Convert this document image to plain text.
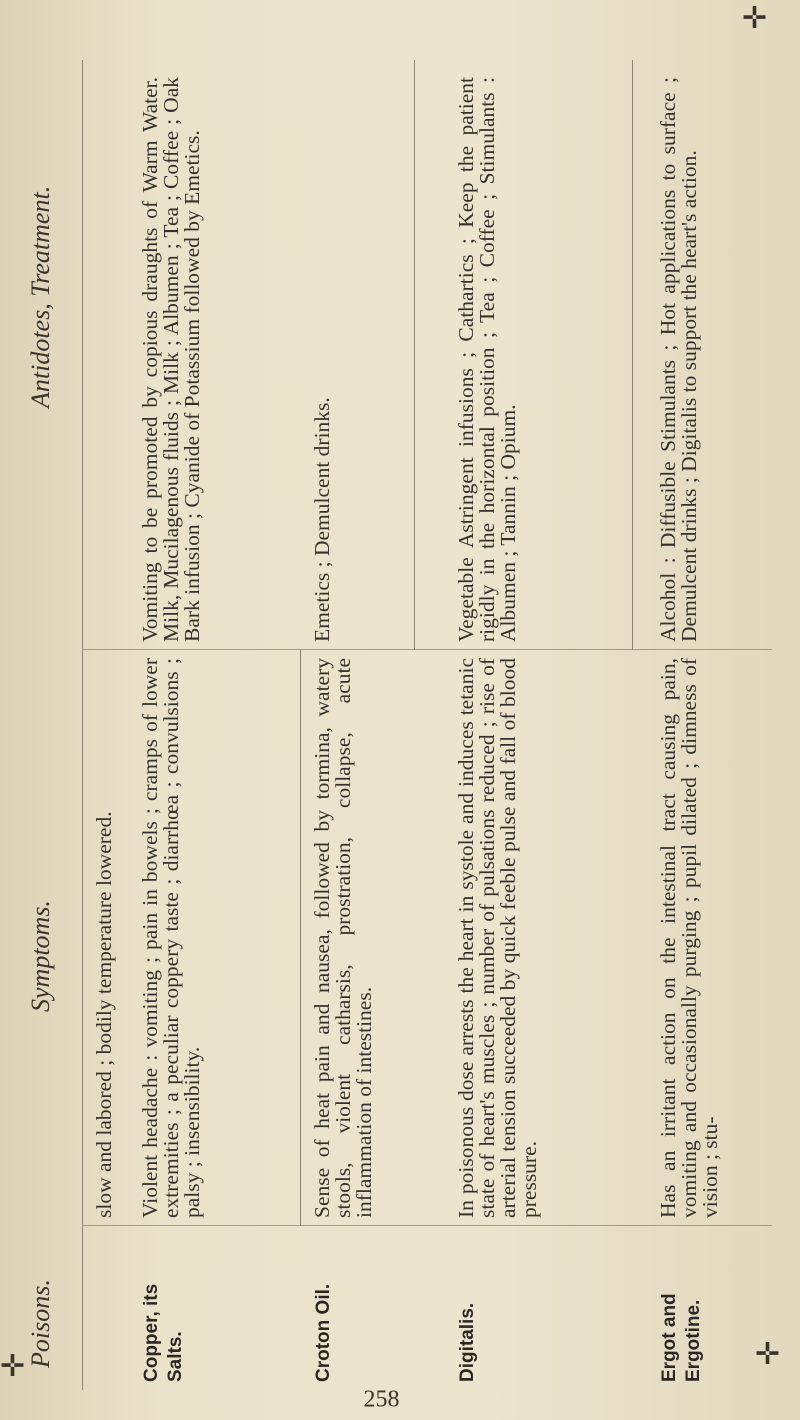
✛
✛
✛
258
Poisons.
Symptoms.
Antidotes, Treatment.
slow and labored ; bodily temperature lowered.
Copper, its Salts.
Violent headache : vomiting ; pain in bowels ; cramps of lower extremities ; a peculiar coppery taste ; diarrhœa ; convulsions ; palsy ; insensibility.
Vomiting to be promoted by copious draughts of Warm Water. Milk, Mucilagenous fluids ; Milk ; Albumen ; Tea ; Coffee ; Oak Bark infusion ; Cyanide of Potassium followed by Emetics.
Croton Oil.
Sense of heat pain and nausea, followed by tormina, watery stools, violent catharsis, prostration, collapse, acute inflammation of intestines.
Emetics ; Demulcent drinks.
Digitalis.
In poisonous dose arrests the heart in systole and induces tetanic state of heart's muscles ; number of pulsations reduced ; rise of arterial tension succeeded by quick feeble pulse and fall of blood pressure.
Vegetable Astringent infusions ; Cathartics ; Keep the patient rigidly in the horizontal position ; Tea ; Coffee ; Stimulants : Albumen ; Tannin ; Opium.
Ergot and Ergotine.
Has an irritant action on the intestinal tract causing pain, vomiting and occasionally purging ; pupil dilated ; dimness of vision ; stu-
Alcohol : Diffusible Stimulants ; Hot applications to surface ; Demulcent drinks ; Digitalis to support the heart's action.
